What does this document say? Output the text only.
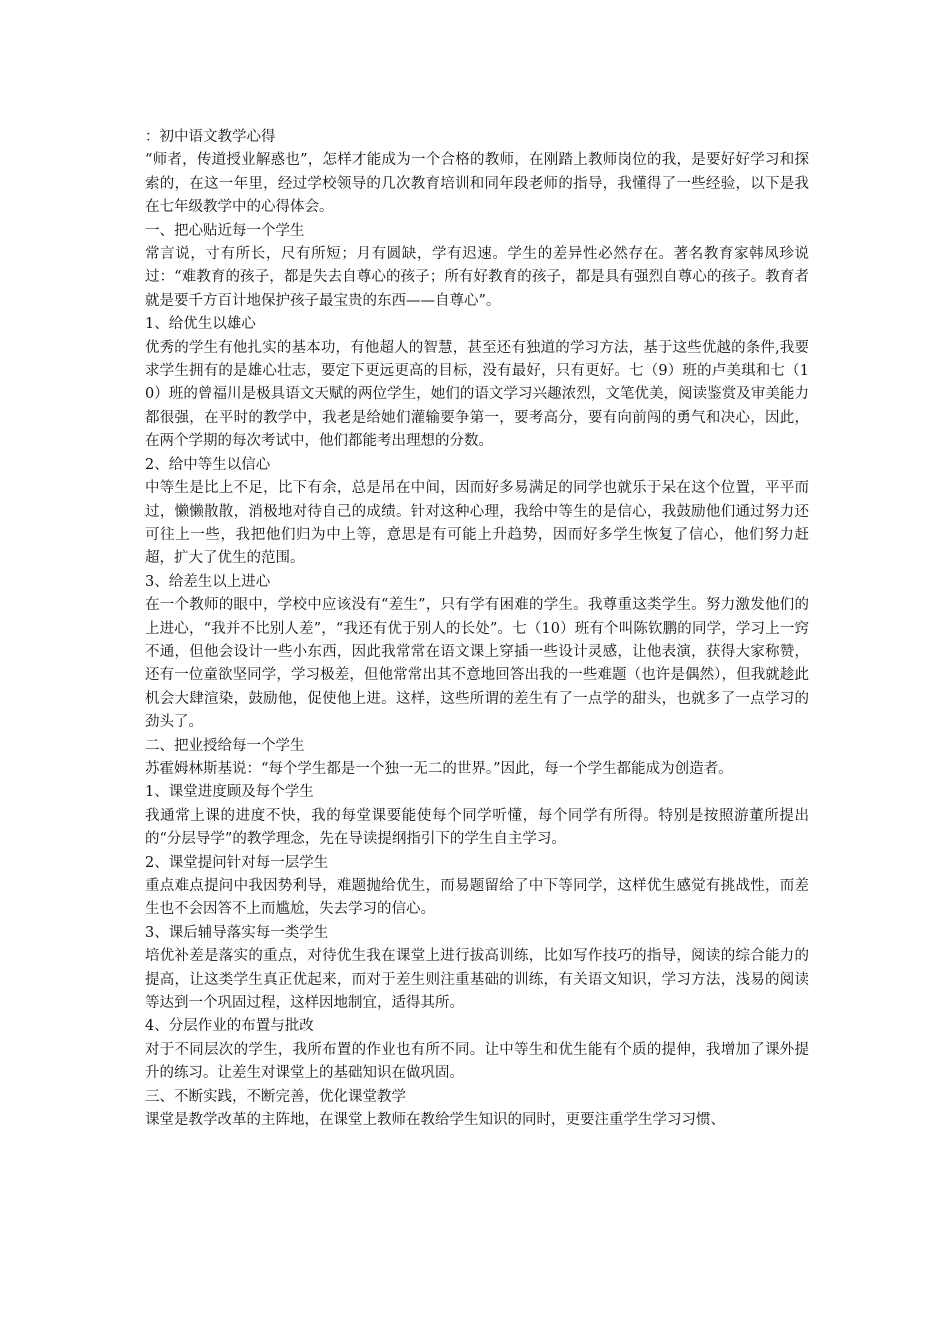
：初中语文教学心得

“师者，传道授业解惑也”，怎样才能成为一个合格的教师，在刚踏上教师岗位的我，是要好好学习和探索的，在这一年里，经过学校领导的几次教育培训和同年段老师的指导，我懂得了一些经验，以下是我在七年级教学中的心得体会。

一、把心贴近每一个学生

常言说，寸有所长，尺有所短；月有圆缺，学有迟速。学生的差异性必然存在。著名教育家韩凤珍说过：“难教育的孩子，都是失去自尊心的孩子；所有好教育的孩子，都是具有强烈自尊心的孩子。教育者就是要千方百计地保护孩子最宝贵的东西——自尊心”。

1、给优生以雄心

优秀的学生有他扎实的基本功，有他超人的智慧，甚至还有独道的学习方法，基于这些优越的条件,我要求学生拥有的是雄心壮志，要定下更远更高的目标，没有最好，只有更好。七（9）班的卢美琪和七（10）班的曾福川是极具语文天赋的两位学生，她们的语文学习兴趣浓烈，文笔优美，阅读鉴赏及审美能力都很强，在平时的教学中，我老是给她们灌输要争第一，要考高分，要有向前闯的勇气和决心，因此，在两个学期的每次考试中，他们都能考出理想的分数。

2、给中等生以信心

中等生是比上不足，比下有余，总是吊在中间，因而好多易满足的同学也就乐于呆在这个位置，平平而过，懒懒散散，消极地对待自己的成绩。针对这种心理，我给中等生的是信心，我鼓励他们通过努力还可往上一些，我把他们归为中上等，意思是有可能上升趋势，因而好多学生恢复了信心，他们努力赶超，扩大了优生的范围。

3、给差生以上进心

在一个教师的眼中，学校中应该没有“差生”，只有学有困难的学生。我尊重这类学生。努力激发他们的上进心，“我并不比别人差”，“我还有优于别人的长处”。七（10）班有个叫陈钦鹏的同学，学习上一窍不通，但他会设计一些小东西，因此我常常在语文课上穿插一些设计灵感，让他表演，获得大家称赞，还有一位童欲坚同学，学习极差，但他常常出其不意地回答出我的一些难题（也许是偶然），但我就趁此机会大肆渲染，鼓励他，促使他上进。这样，这些所谓的差生有了一点学的甜头，也就多了一点学习的劲头了。

二、把业授给每一个学生

苏霍姆林斯基说：“每个学生都是一个独一无二的世界。”因此，每一个学生都能成为创造者。

1、课堂进度顾及每个学生

我通常上课的进度不快，我的每堂课要能使每个同学听懂，每个同学有所得。特别是按照游董所提出的“分层导学”的教学理念，先在导读提纲指引下的学生自主学习。

2、课堂提问针对每一层学生

重点难点提问中我因势利导，难题抛给优生，而易题留给了中下等同学，这样优生感觉有挑战性，而差生也不会因答不上而尴尬，失去学习的信心。

3、课后辅导落实每一类学生

培优补差是落实的重点，对待优生我在课堂上进行拔高训练，比如写作技巧的指导，阅读的综合能力的提高，让这类学生真正优起来，而对于差生则注重基础的训练，有关语文知识，学习方法，浅易的阅读等达到一个巩固过程，这样因地制宜，适得其所。

4、分层作业的布置与批改

对于不同层次的学生，我所布置的作业也有所不同。让中等生和优生能有个质的提伸，我增加了课外提升的练习。让差生对课堂上的基础知识在做巩固。

三、不断实践，不断完善，优化课堂教学

课堂是教学改革的主阵地，在课堂上教师在教给学生知识的同时，更要注重学生学习习惯、
